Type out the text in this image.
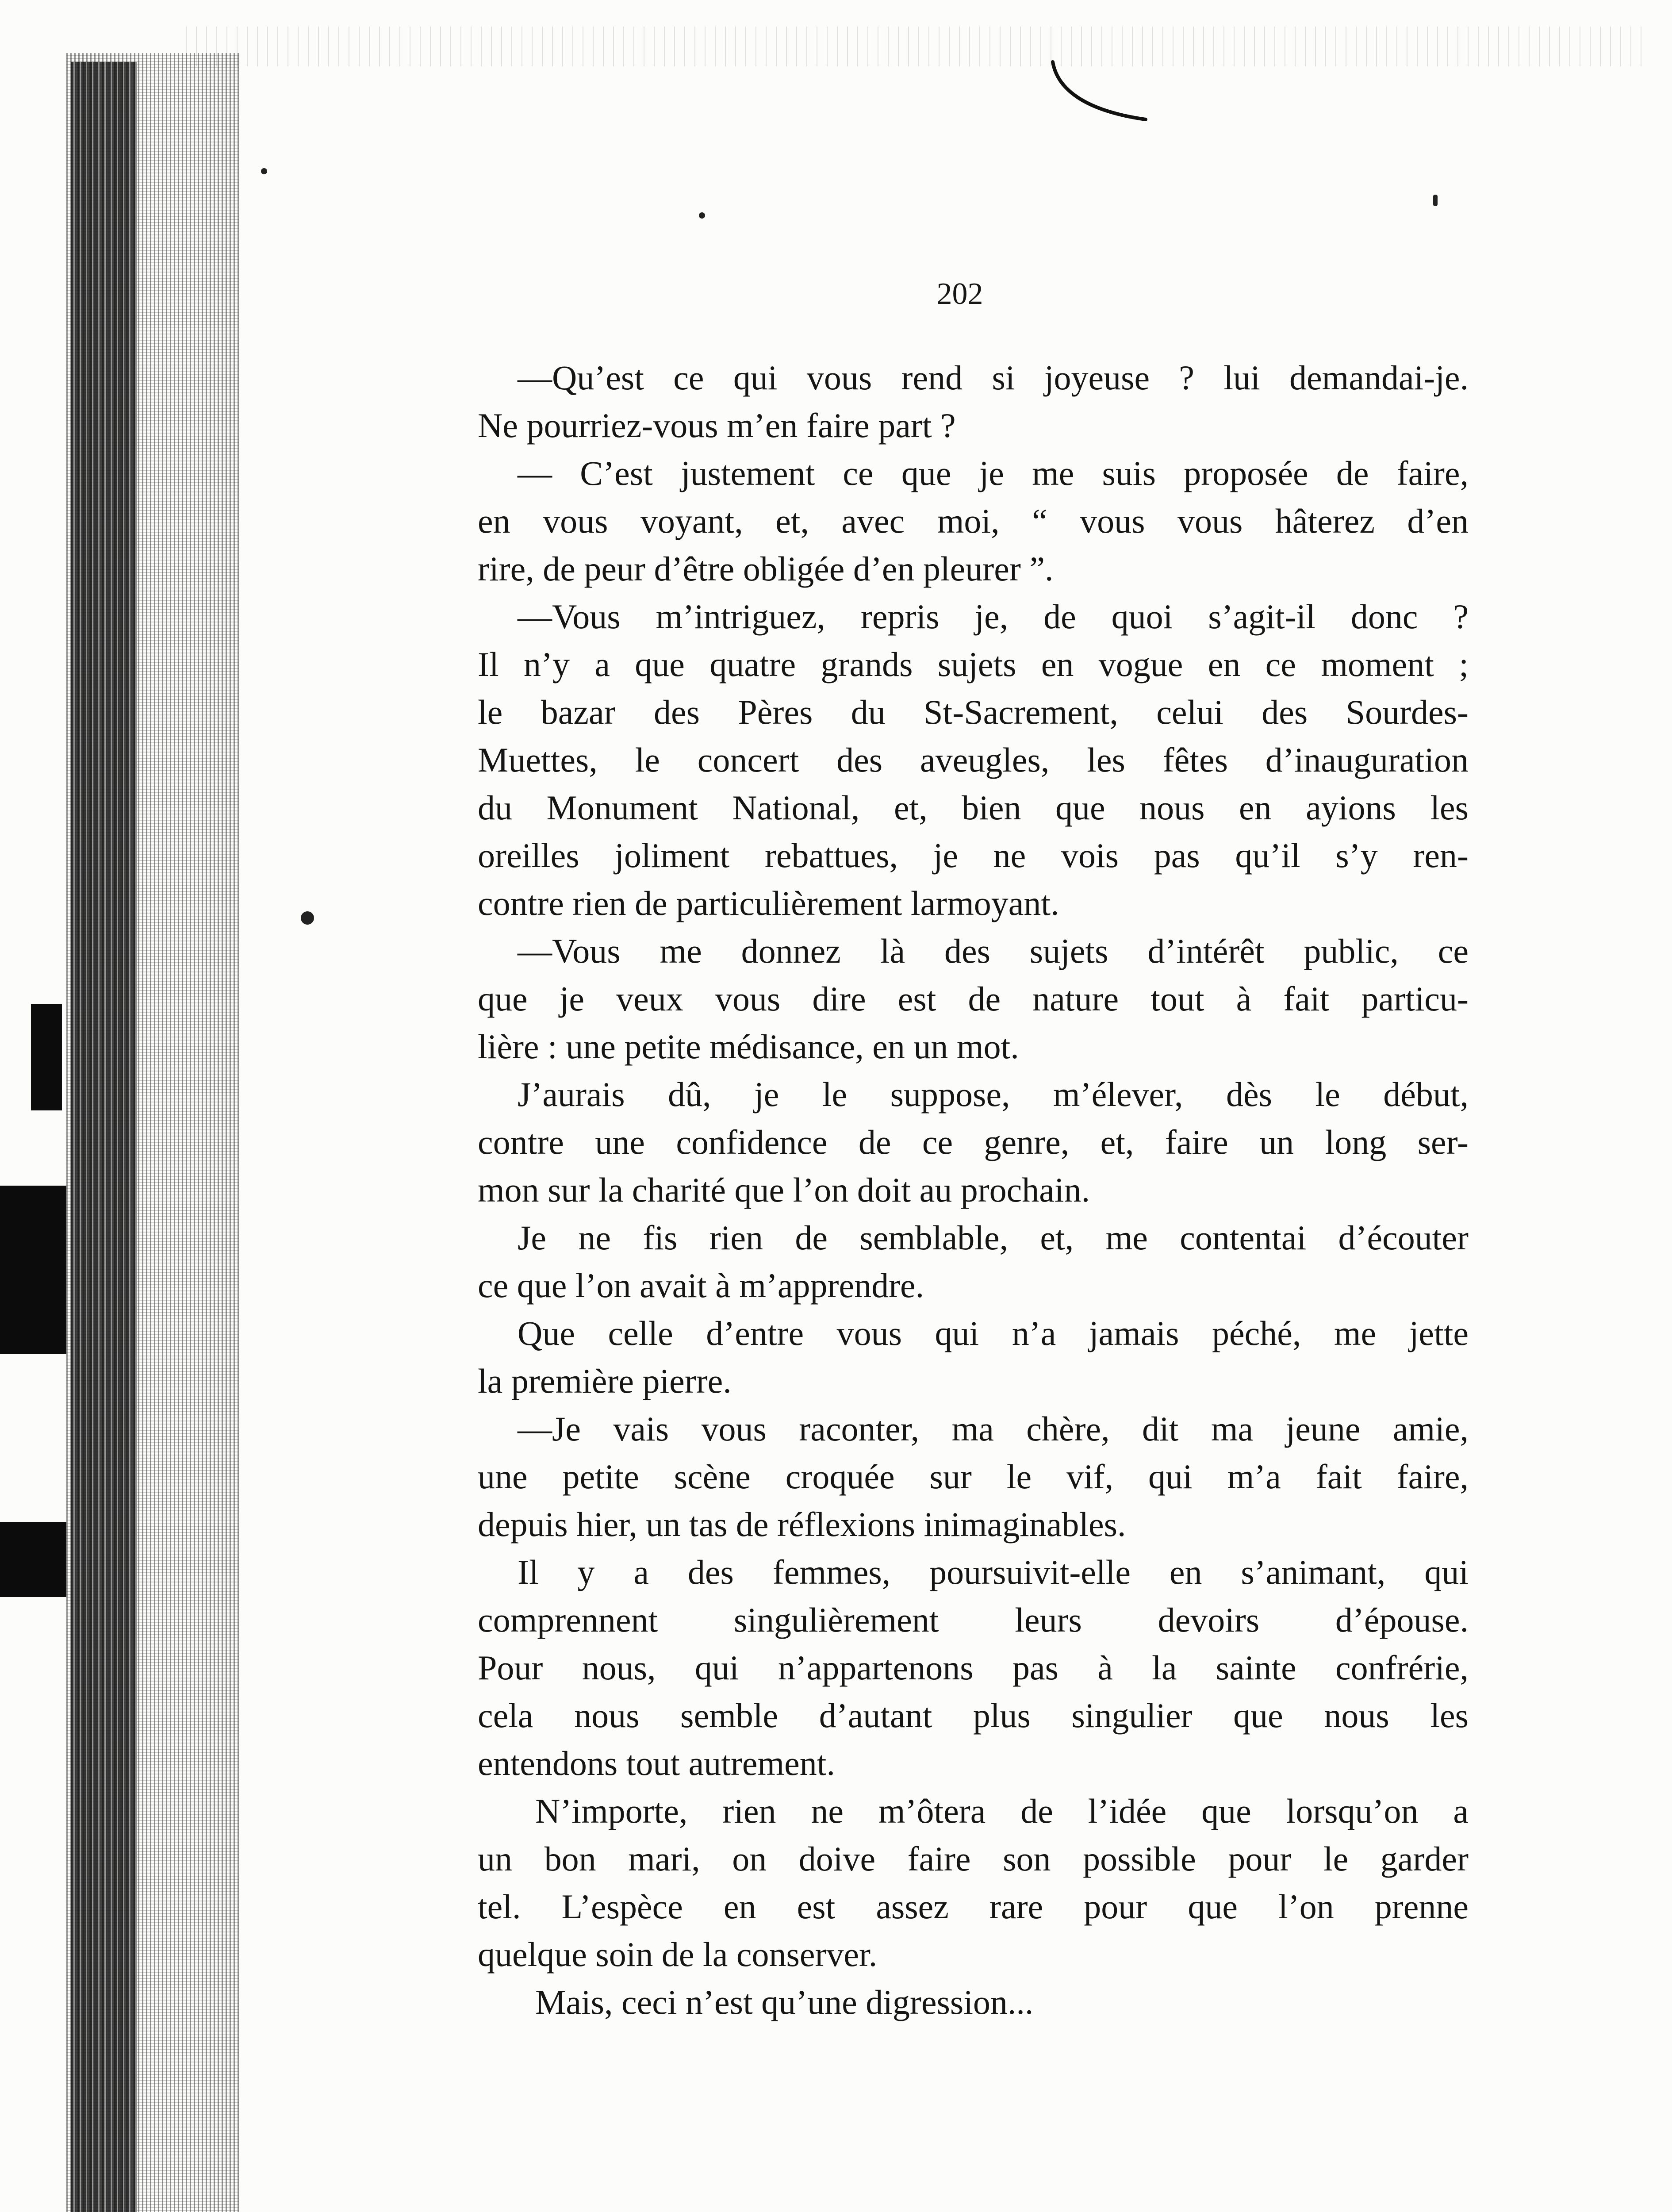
202
—Qu’est ce qui vous rend si joyeuse ? lui demandai-je.
Ne pourriez-vous m’en faire part ?
— C’est justement ce que je me suis proposée de faire,
en vous voyant, et, avec moi, “ vous vous hâterez d’en
rire, de peur d’être obligée d’en pleurer ”.
—Vous m’intriguez, repris je, de quoi s’agit-il donc ?
Il n’y a que quatre grands sujets en vogue en ce moment ;
le bazar des Pères du St-Sacrement, celui des Sourdes-
Muettes, le concert des aveugles, les fêtes d’inauguration
du Monument National, et, bien que nous en ayions les
oreilles joliment rebattues, je ne vois pas qu’il s’y ren-
contre rien de particulièrement larmoyant.
—Vous me donnez là des sujets d’intérêt public, ce
que je veux vous dire est de nature tout à fait particu-
lière : une petite médisance, en un mot.
J’aurais dû, je le suppose, m’élever, dès le début,
contre une confidence de ce genre, et, faire un long ser-
mon sur la charité que l’on doit au prochain.
Je ne fis rien de semblable, et, me contentai d’écouter
ce que l’on avait à m’apprendre.
Que celle d’entre vous qui n’a jamais péché, me jette
la première pierre.
—Je vais vous raconter, ma chère, dit ma jeune amie,
une petite scène croquée sur le vif, qui m’a fait faire,
depuis hier, un tas de réflexions inimaginables.
Il y a des femmes, poursuivit-elle en s’animant, qui
comprennent singulièrement leurs devoirs d’épouse.
Pour nous, qui n’appartenons pas à la sainte confrérie,
cela nous semble d’autant plus singulier que nous les
entendons tout autrement.
N’importe, rien ne m’ôtera de l’idée que lorsqu’on a
un bon mari, on doive faire son possible pour le garder
tel. L’espèce en est assez rare pour que l’on prenne
quelque soin de la conserver.
Mais, ceci n’est qu’une digression...
